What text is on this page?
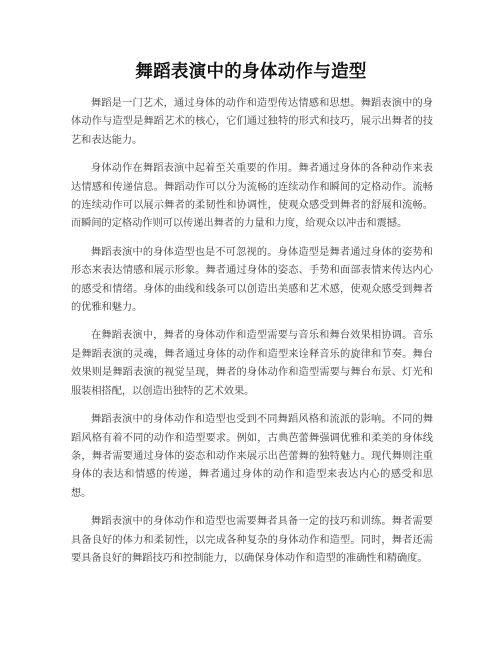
舞蹈表演中的身体动作与造型

舞蹈是一门艺术，通过身体的动作和造型传达情感和思想。舞蹈表演中的身体动作与造型是舞蹈艺术的核心，它们通过独特的形式和技巧，展示出舞者的技艺和表达能力。

身体动作在舞蹈表演中起着至关重要的作用。舞者通过身体的各种动作来表达情感和传递信息。舞蹈动作可以分为流畅的连续动作和瞬间的定格动作。流畅的连续动作可以展示舞者的柔韧性和协调性，使观众感受到舞者的舒展和流畅。而瞬间的定格动作则可以传递出舞者的力量和力度，给观众以冲击和震撼。

舞蹈表演中的身体造型也是不可忽视的。身体造型是舞者通过身体的姿势和形态来表达情感和展示形象。舞者通过身体的姿态、手势和面部表情来传达内心的感受和情绪。身体的曲线和线条可以创造出美感和艺术感，使观众感受到舞者的优雅和魅力。

在舞蹈表演中，舞者的身体动作和造型需要与音乐和舞台效果相协调。音乐是舞蹈表演的灵魂，舞者通过身体的动作和造型来诠释音乐的旋律和节奏。舞台效果则是舞蹈表演的视觉呈现，舞者的身体动作和造型需要与舞台布景、灯光和服装相搭配，以创造出独特的艺术效果。

舞蹈表演中的身体动作和造型也受到不同舞蹈风格和流派的影响。不同的舞蹈风格有着不同的动作和造型要求。例如，古典芭蕾舞强调优雅和柔美的身体线条，舞者需要通过身体的姿态和动作来展示出芭蕾舞的独特魅力。现代舞则注重身体的表达和情感的传递，舞者通过身体的动作和造型来表达内心的感受和思想。

舞蹈表演中的身体动作和造型也需要舞者具备一定的技巧和训练。舞者需要具备良好的体力和柔韧性，以完成各种复杂的身体动作和造型。同时，舞者还需要具备良好的舞蹈技巧和控制能力，以确保身体动作和造型的准确性和精确度。
